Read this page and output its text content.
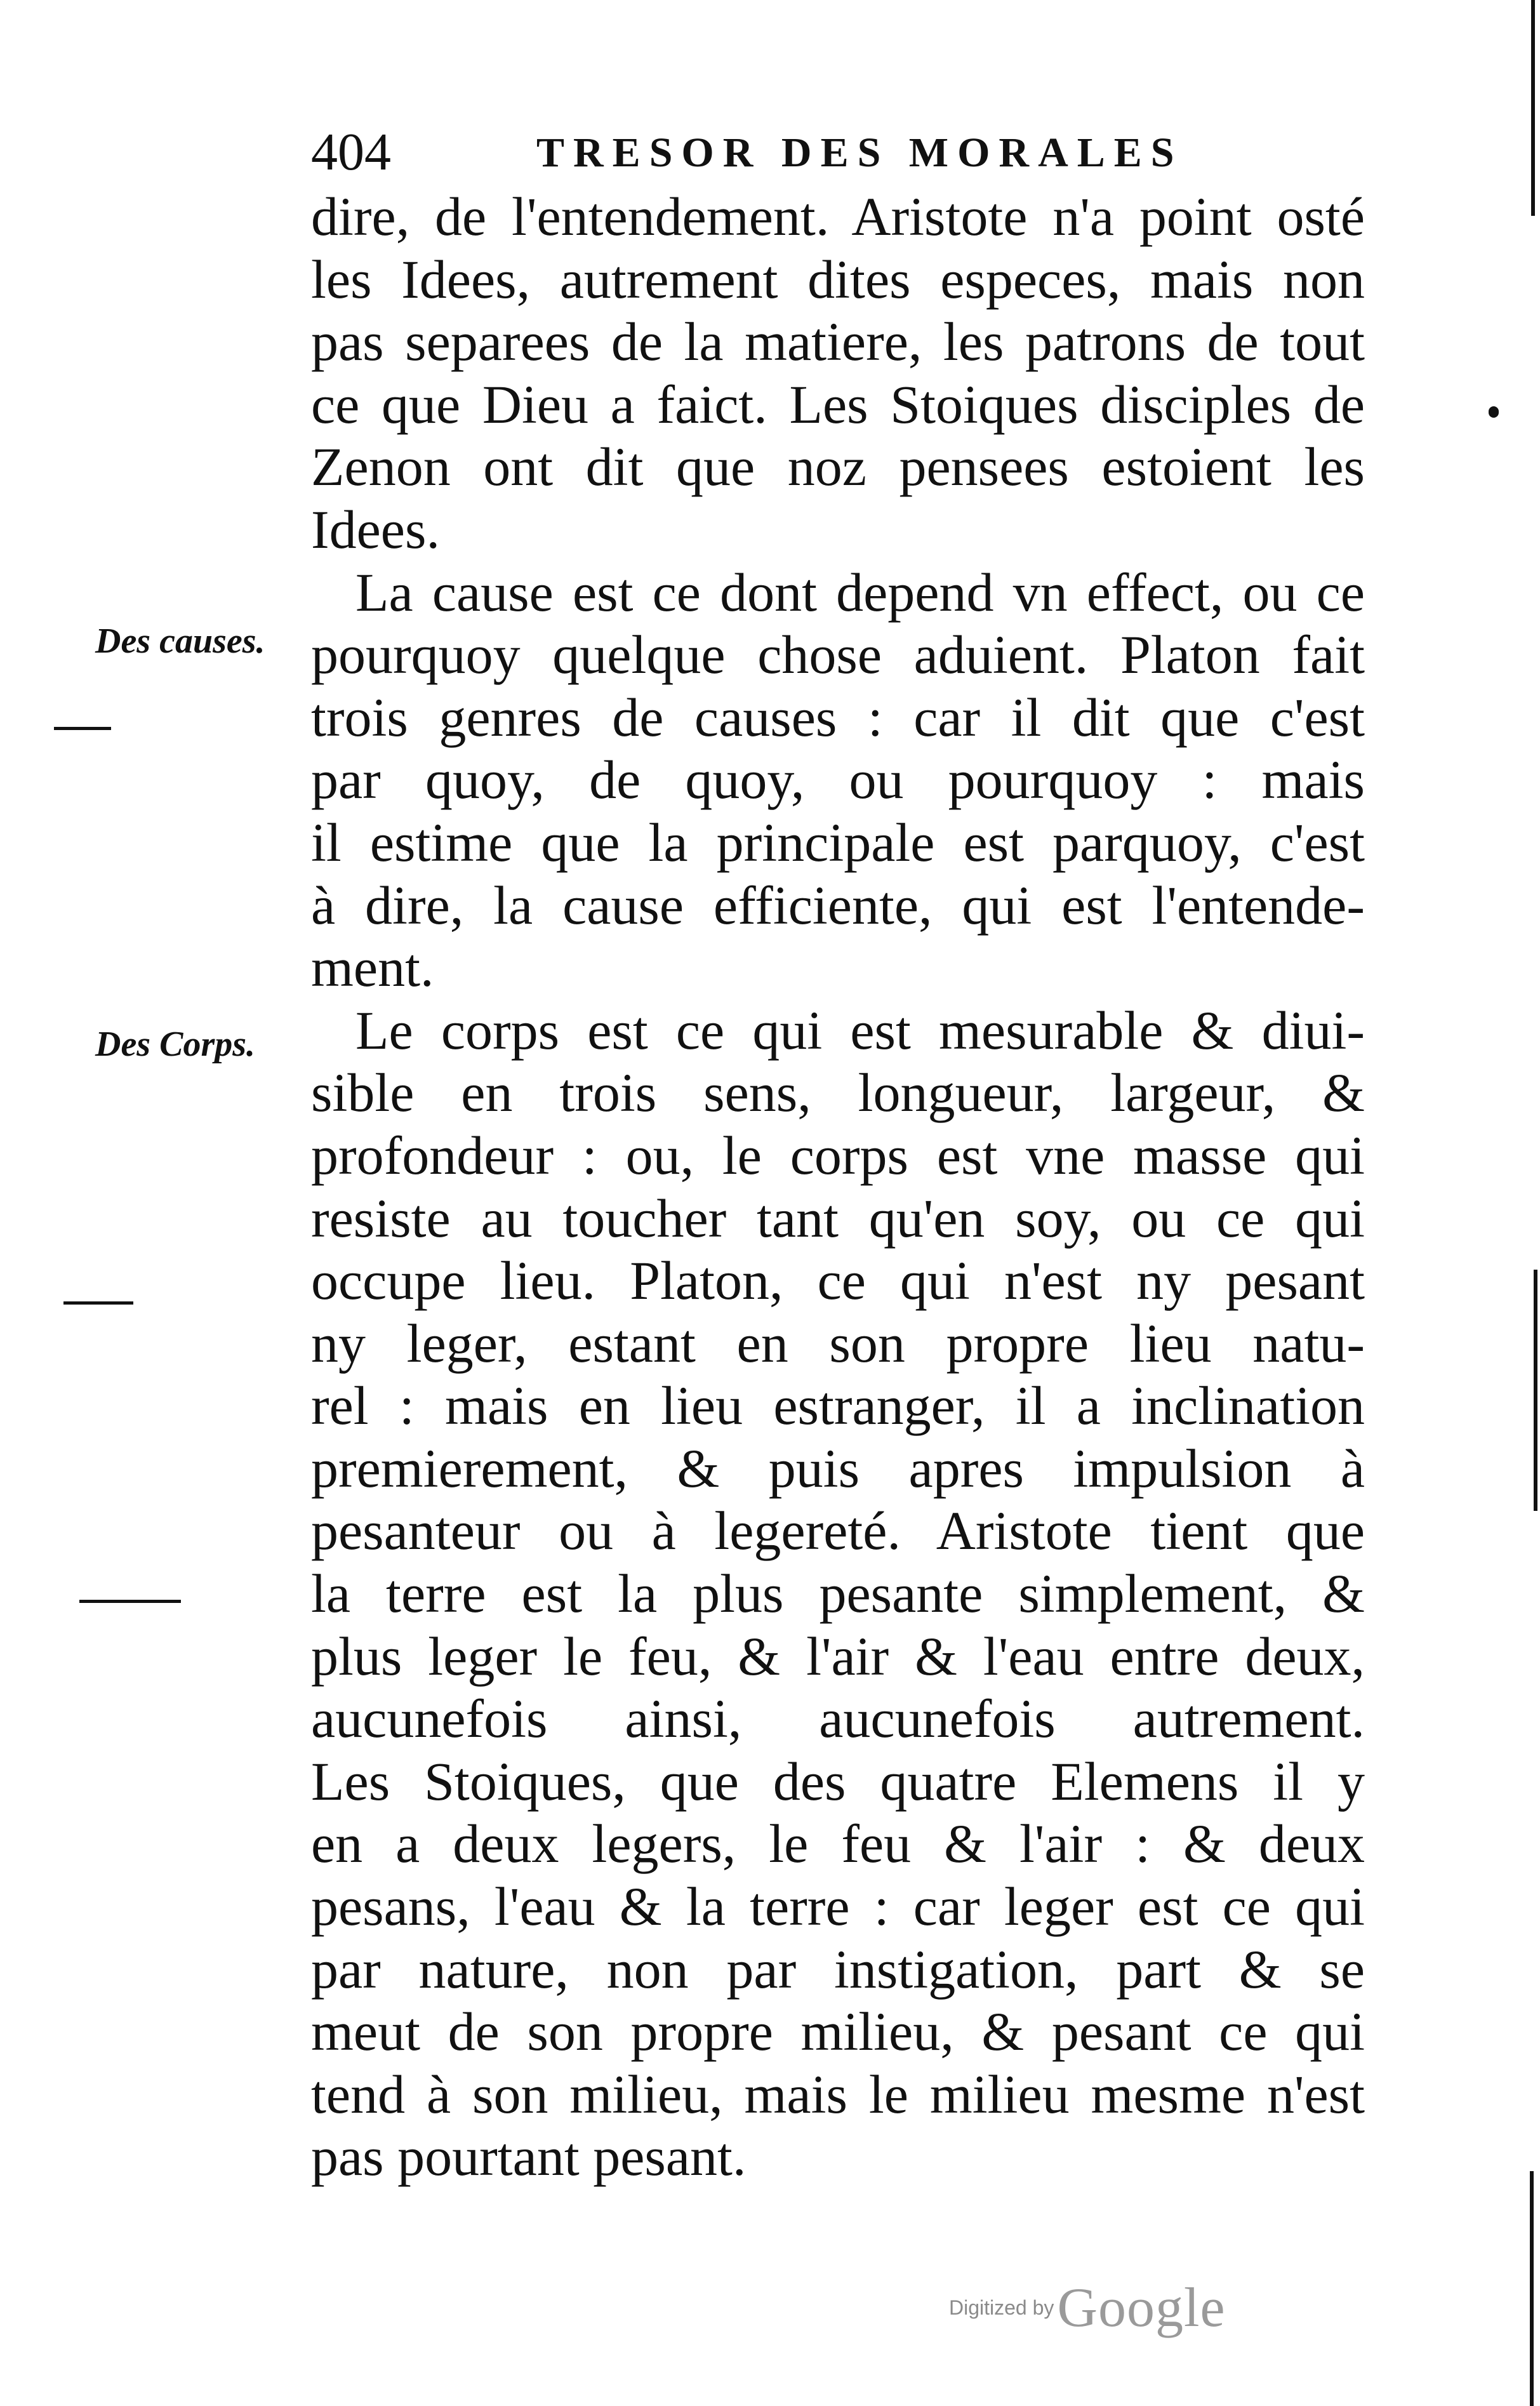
404	TRESOR DES MORALES
Des causes.
Des Corps.
dire, de l'entendement. Aristote n'a point osté
les Idees, autrement dites especes, mais non
pas separees de la matiere, les patrons de tout
ce que Dieu a faict. Les Stoiques disciples de
Zenon ont dit que noz pensees estoient les
Idees.
La cause est ce dont depend vn effect, ou ce
pourquoy quelque chose aduient. Platon fait
trois genres de causes : car il dit que c'est
par quoy, de quoy, ou pourquoy : mais
il estime que la principale est parquoy, c'est
à dire, la cause efficiente, qui est l'entende-
ment.
Le corps est ce qui est mesurable & diui-
sible en trois sens, longueur, largeur, &
profondeur : ou, le corps est vne masse qui
resiste au toucher tant qu'en soy, ou ce qui
occupe lieu. Platon, ce qui n'est ny pesant
ny leger, estant en son propre lieu natu-
rel : mais en lieu estranger, il a inclination
premierement, & puis apres impulsion à
pesanteur ou à legereté. Aristote tient que
la terre est la plus pesante simplement, &
plus leger le feu, & l'air & l'eau entre deux,
aucunefois ainsi, aucunefois autrement.
Les Stoiques, que des quatre Elemens il y
en a deux legers, le feu & l'air : & deux
pesans, l'eau & la terre : car leger est ce qui
par nature, non par instigation, part & se
meut de son propre milieu, & pesant ce qui
tend à son milieu, mais le milieu mesme n'est
pas pourtant pesant.
Digitized by Google
